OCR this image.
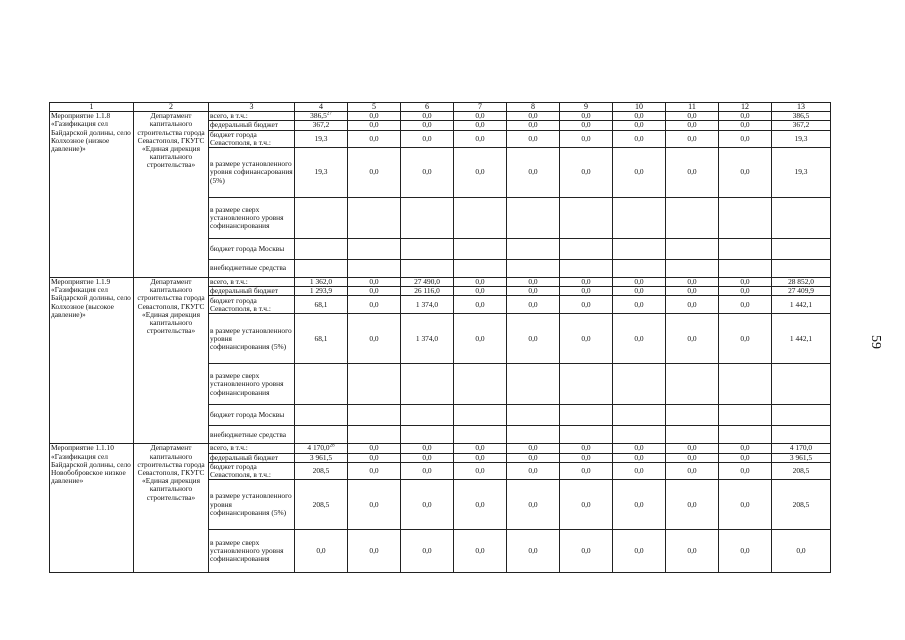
1	2	3	4	5	6	7	8	9	10	11	12	13
Мероприятие 1.1.8 «Газификация сел Байдарской долины, село Колхозное (низкое давление)»	Департамент капитального строительства города Севастополя, ГКУГС «Единая дирекция капитального строительства»	всего, в т.ч.:	386,5$^{27}$	0,0	0,0	0,0	0,0	0,0	0,0	0,0	0,0	386,5
		федеральный бюджет	367,2	0,0	0,0	0,0	0,0	0,0	0,0	0,0	0,0	367,2
		бюджет города Севастополя, в т.ч.:	19,3	0,0	0,0	0,0	0,0	0,0	0,0	0,0	0,0	19,3
		в размере установленного уровня софинансарования (5%)	19,3	0,0	0,0	0,0	0,0	0,0	0,0	0,0	0,0	19,3
		в размере сверх установленного уровня софинансирования										
		бюджет города Москвы										
		внебюджетные средства										
Мероприятие 1.1.9 «Газификация сел Байдарской долины, село Колхозное (высокое давление)»	Департамент капитального строительства города Севастополя, ГКУГС «Единая дирекция капитального строительства»	всего, в т.ч.:	1 362,0	0,0	27 490,0	0,0	0,0	0,0	0,0	0,0	0,0	28 852,0
		федеральный бюджет	1 293,9	0,0	26 116,0	0,0	0,0	0,0	0,0	0,0	0,0	27 409,9
		бюджет города Севастополя, в т.ч.:	68,1	0,0	1 374,0	0,0	0,0	0,0	0,0	0,0	0,0	1 442,1
		в размере установленного уровня софинансирования (5%)	68,1	0,0	1 374,0	0,0	0,0	0,0	0,0	0,0	0,0	1 442,1
		в размере сверх установленного уровня софинансирования										
		бюджет города Москвы										
		внебюджетные средства										
Мероприятие 1.1.10 «Газификация сел Байдарской долины, село Новобобровское низкое давление»	Департамент капитального строительства города Севастополя, ГКУГС «Единая дирекция капитального строительства»	всего, в т.ч.:	4 170,0$^{28}$	0,0	0,0	0,0	0,0	0,0	0,0	0,0	0,0	4 170,0
		федеральный бюджет	3 961,5	0,0	0,0	0,0	0,0	0,0	0,0	0,0	0,0	3 961,5
		бюджет города Севастополя, в т.ч.:	208,5	0,0	0,0	0,0	0,0	0,0	0,0	0,0	0,0	208,5
		в размере установленного уровня софинансирования (5%)	208,5	0,0	0,0	0,0	0,0	0,0	0,0	0,0	0,0	208,5
		в размере сверх установленного уровня софинансирования	0,0	0,0	0,0	0,0	0,0	0,0	0,0	0,0	0,0	0,0
59
